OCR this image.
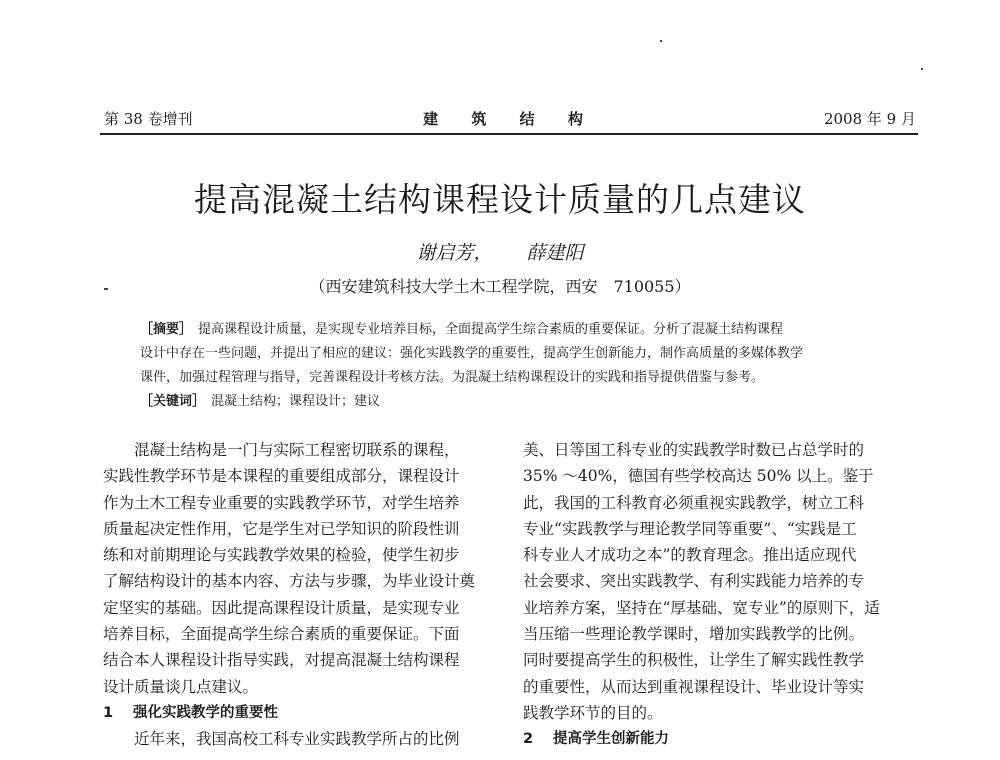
第 38 卷增刊	建 筑 结 构	2008 年 9 月
提高混凝土结构课程设计质量的几点建议
谢启芳， 薛建阳
（西安建筑科技大学土木工程学院，西安　710055）
［摘要］ 提高课程设计质量，是实现专业培养目标，全面提高学生综合素质的重要保证。分析了混凝土结构课程
设计中存在一些问题，并提出了相应的建议：强化实践教学的重要性，提高学生创新能力，制作高质量的多媒体教学
课件，加强过程管理与指导，完善课程设计考核方法。为混凝土结构课程设计的实践和指导提供借鉴与参考。
［关键词］ 混凝土结构；课程设计；建议
混凝土结构是一门与实际工程密切联系的课程，
实践性教学环节是本课程的重要组成部分，课程设计
作为土木工程专业重要的实践教学环节，对学生培养
质量起决定性作用，它是学生对已学知识的阶段性训
练和对前期理论与实践教学效果的检验，使学生初步
了解结构设计的基本内容、方法与步骤，为毕业设计奠
定坚实的基础。因此提高课程设计质量，是实现专业
培养目标，全面提高学生综合素质的重要保证。下面
结合本人课程设计指导实践，对提高混凝土结构课程
设计质量谈几点建议。
1 强化实践教学的重要性
近年来，我国高校工科专业实践教学所占的比例
美、日等国工科专业的实践教学时数已占总学时的
35% ～40%，德国有些学校高达 50% 以上。鉴于
此，我国的工科教育必须重视实践教学，树立工科
专业“实践教学与理论教学同等重要”、“实践是工
科专业人才成功之本”的教育理念。推出适应现代
社会要求、突出实践教学、有利实践能力培养的专
业培养方案，坚持在“厚基础、宽专业”的原则下，适
当压缩一些理论教学课时，增加实践教学的比例。
同时要提高学生的积极性，让学生了解实践性教学
的重要性，从而达到重视课程设计、毕业设计等实
践教学环节的目的。
2 提高学生创新能力
